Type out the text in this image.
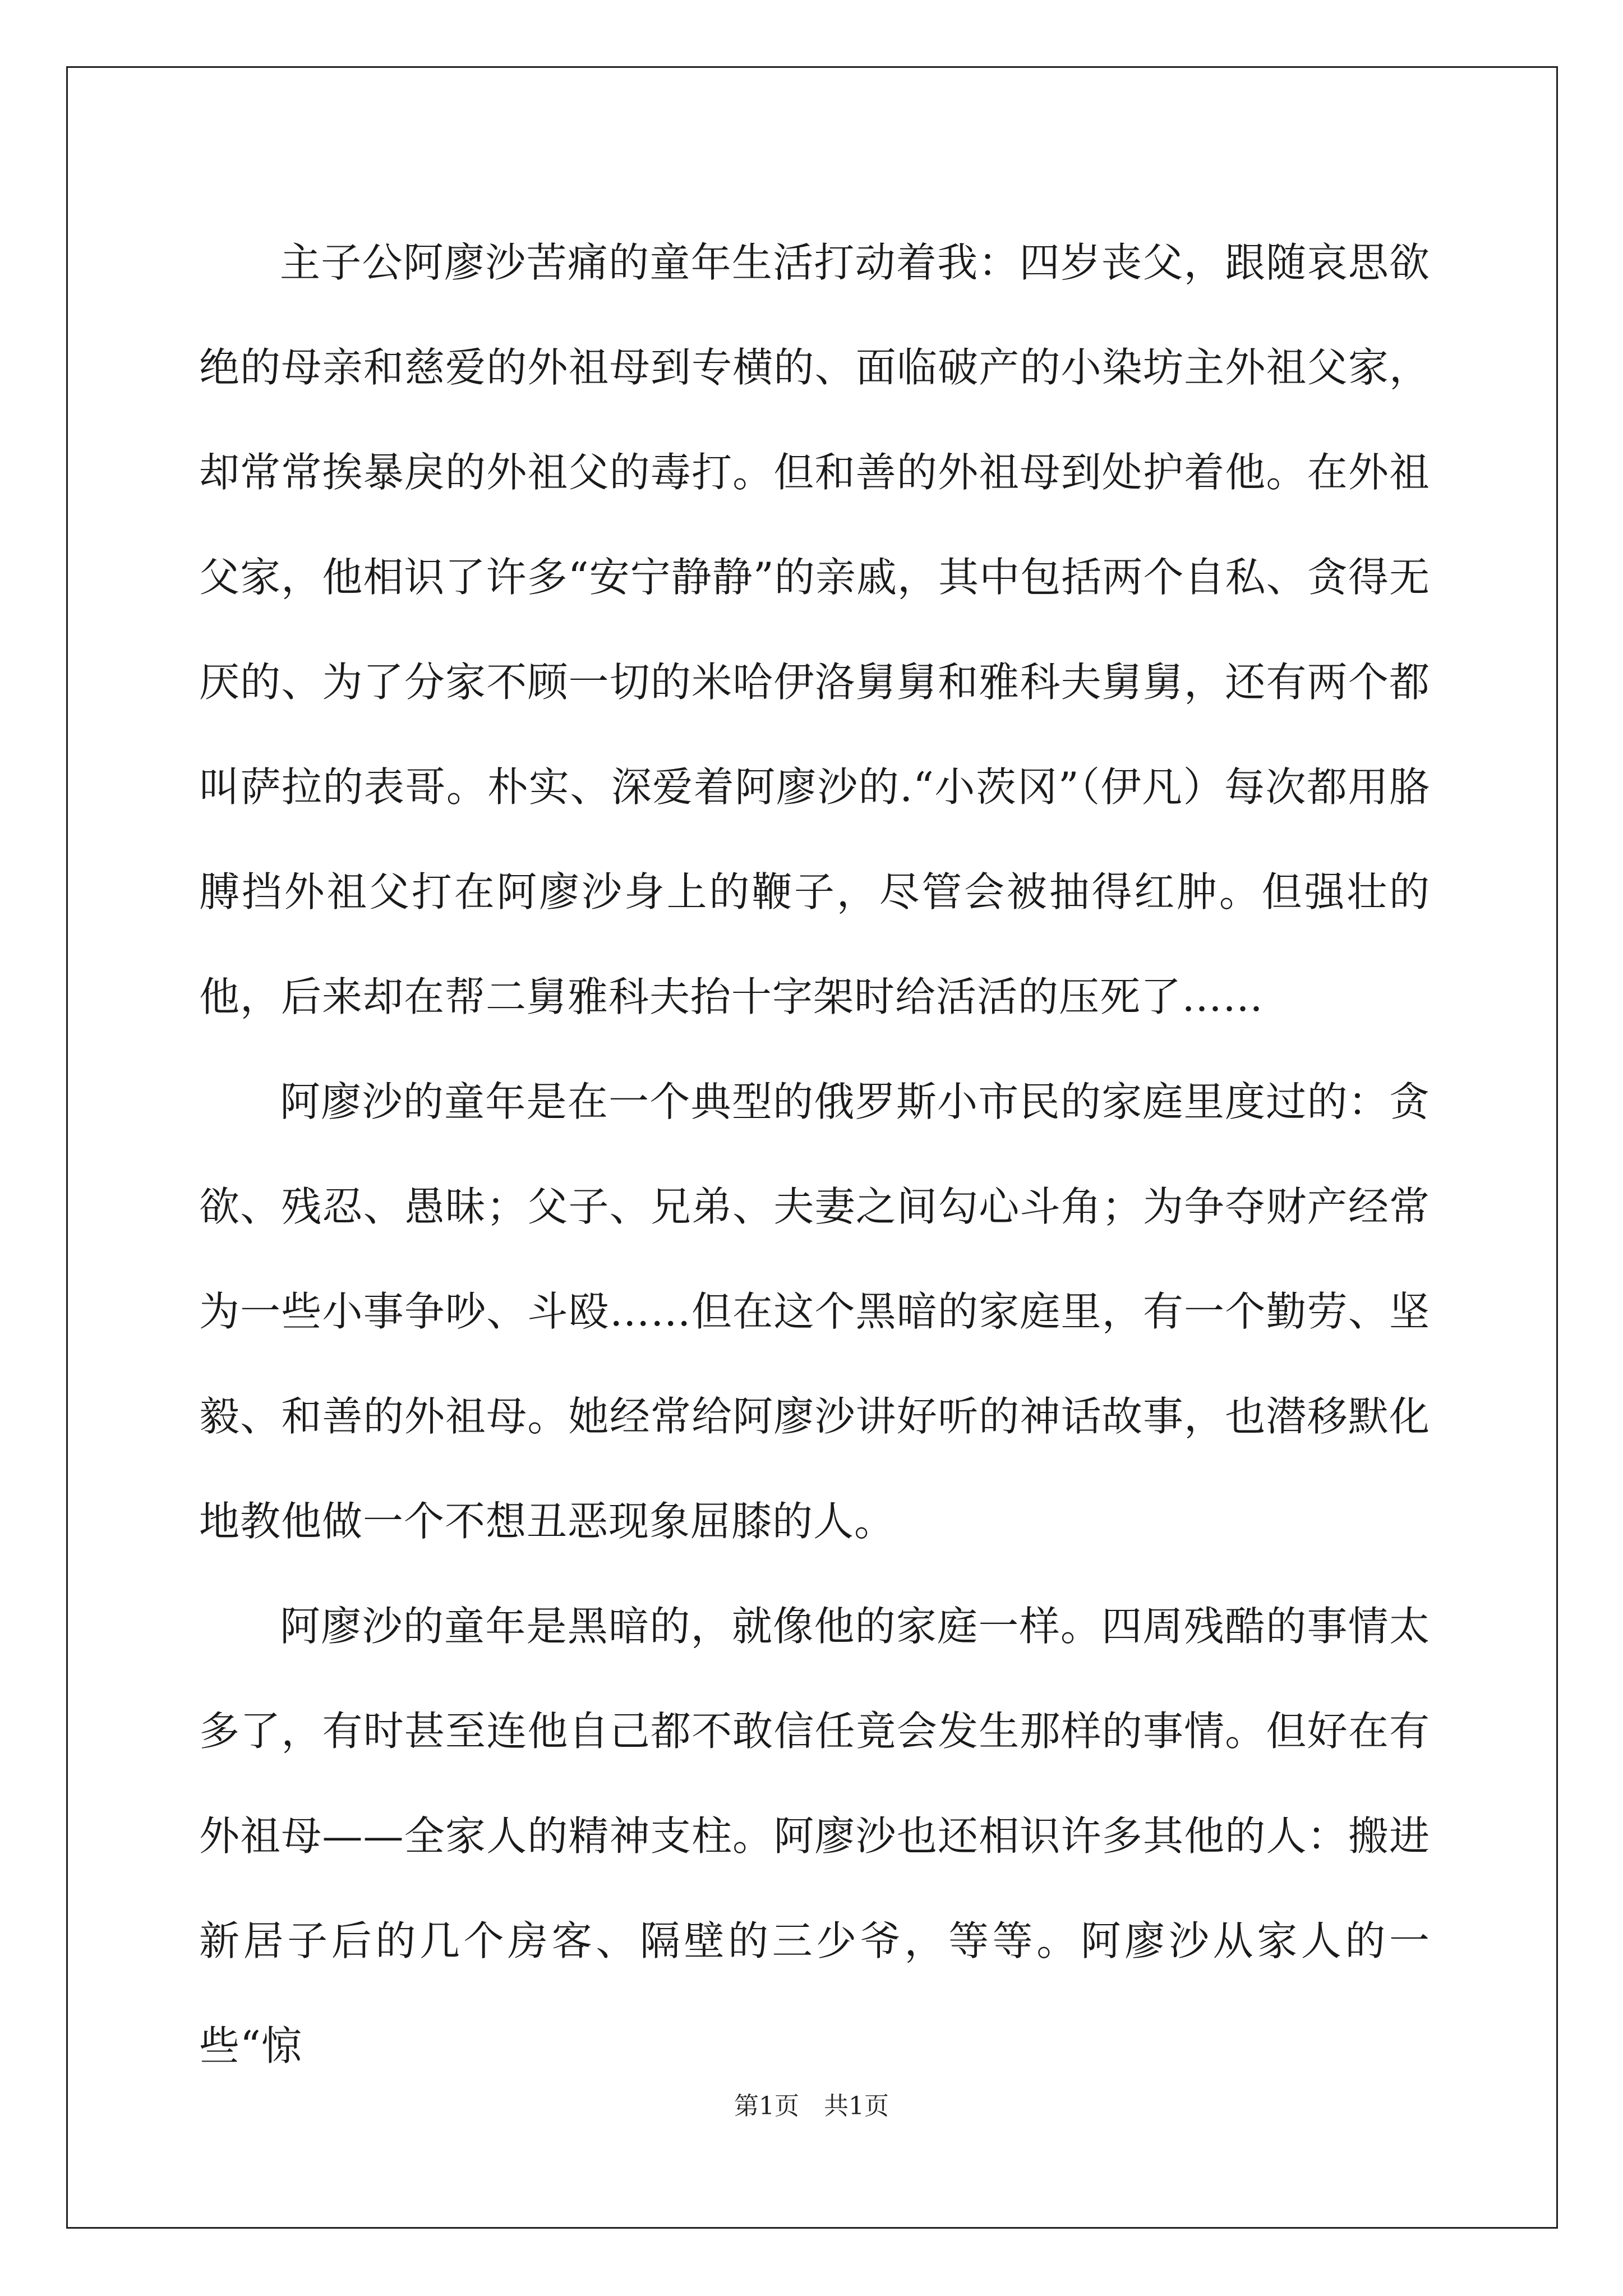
主子公阿廖沙苦痛的童年生活打动着我：四岁丧父，跟随哀思欲绝的母亲和慈爱的外祖母到专横的、面临破产的小染坊主外祖父家，却常常挨暴戾的外祖父的毒打。但和善的外祖母到处护着他。在外祖父家，他相识了许多“安宁静静”的亲戚，其中包括两个自私、贪得无厌的、为了分家不顾一切的米哈伊洛舅舅和雅科夫舅舅，还有两个都叫萨拉的表哥。朴实、深爱着阿廖沙的.“小茨冈”（伊凡）每次都用胳膊挡外祖父打在阿廖沙身上的鞭子，尽管会被抽得红肿。但强壮的他，后来却在帮二舅雅科夫抬十字架时给活活的压死了……

阿廖沙的童年是在一个典型的俄罗斯小市民的家庭里度过的：贪欲、残忍、愚昧；父子、兄弟、夫妻之间勾心斗角；为争夺财产经常为一些小事争吵、斗殴……但在这个黑暗的家庭里，有一个勤劳、坚毅、和善的外祖母。她经常给阿廖沙讲好听的神话故事，也潜移默化地教他做一个不想丑恶现象屈膝的人。

阿廖沙的童年是黑暗的，就像他的家庭一样。四周残酷的事情太多了，有时甚至连他自己都不敢信任竟会发生那样的事情。但好在有外祖母——全家人的精神支柱。阿廖沙也还相识许多其他的人：搬进新居子后的几个房客、隔壁的三少爷，等等。阿廖沙从家人的一些“惊

第1页 共1页
